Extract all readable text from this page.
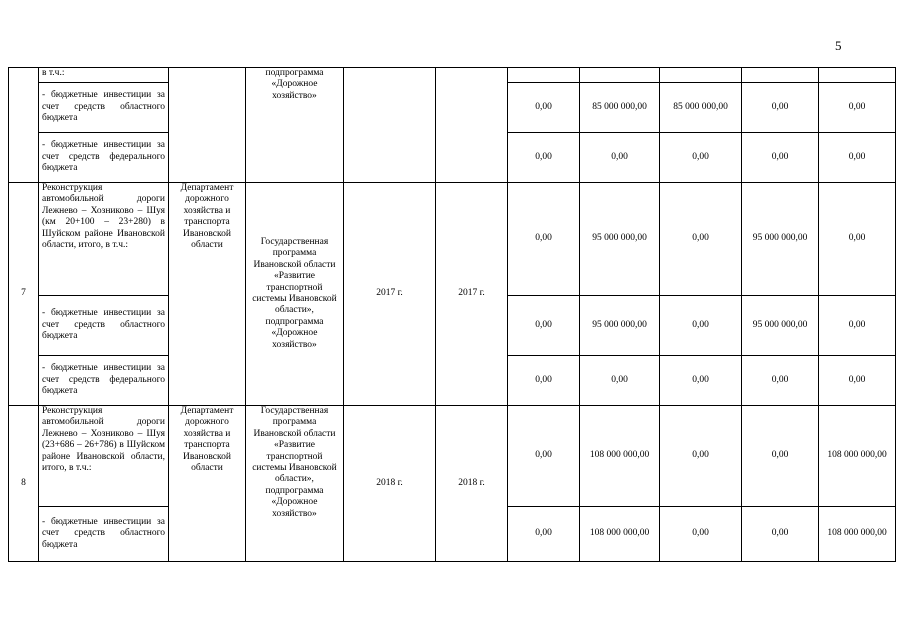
5
	в т.ч.:		подпрограмма «Дорожное хозяйство»							
	- бюджетные инвестиции за счет средств областного бюджета					0,00	85 000 000,00	85 000 000,00	0,00	0,00
	- бюджетные инвестиции за счет средств федерального бюджета					0,00	0,00	0,00	0,00	0,00
7	Реконструкция автомобильной дороги Лежнево – Хозниково – Шуя (км 20+100 – 23+280) в Шуйском районе Ивановской области, итого, в т.ч.:	Департамент дорожного хозяйства и транспорта Ивановской области	Государственная программа Ивановской области «Развитие транспортной системы Ивановской области», подпрограмма «Дорожное хозяйство»	2017 г.	2017 г.	0,00	95 000 000,00	0,00	95 000 000,00	0,00
	- бюджетные инвестиции за счет средств областного бюджета					0,00	95 000 000,00	0,00	95 000 000,00	0,00
	- бюджетные инвестиции за счет средств федерального бюджета					0,00	0,00	0,00	0,00	0,00
8	Реконструкция автомобильной дороги Лежнево – Хозниково – Шуя (23+686 – 26+786) в Шуйском районе Ивановской области, итого, в т.ч.:	Департамент дорожного хозяйства и транспорта Ивановской области	Государственная программа Ивановской области «Развитие транспортной системы Ивановской области», подпрограмма «Дорожное хозяйство»	2018 г.	2018 г.	0,00	108 000 000,00	0,00	0,00	108 000 000,00
	- бюджетные инвестиции за счет средств областного бюджета					0,00	108 000 000,00	0,00	0,00	108 000 000,00
